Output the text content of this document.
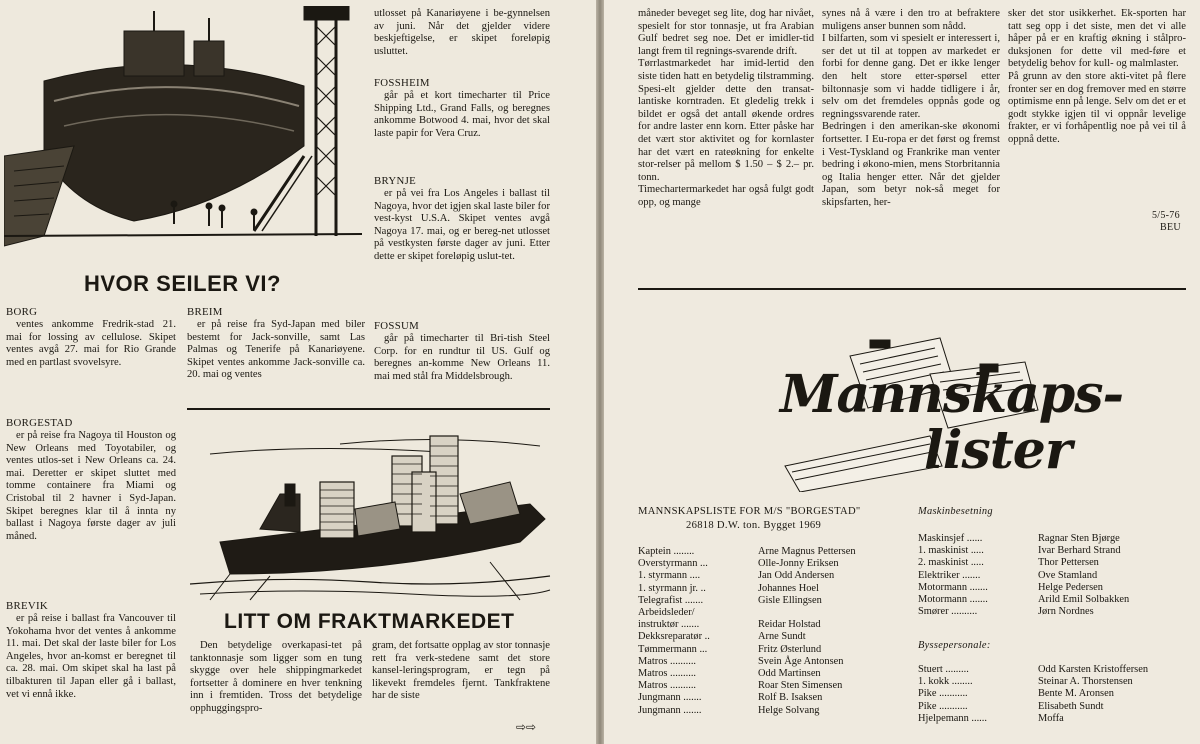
HVOR SEILER VI?
BORG

ventes ankomme Fredrik-stad 21. mai for lossing av cellulose. Skipet ventes avgå 27. mai for Rio Grande med en partlast svovelsyre.

BORGESTAD

er på reise fra Nagoya til Houston og New Orleans med Toyotabiler, og ventes utlos-set i New Orleans ca. 24. mai. Deretter er skipet sluttet med tomme containere fra Miami og Cristobal til 2 havner i Syd-Japan. Skipet beregnes klar til å innta ny ballast i Nagoya første dager av juli måned.

BREVIK

er på reise i ballast fra Vancouver til Yokohama hvor det ventes å ankomme 11. mai. Det skal der laste biler for Los Angeles, hvor an-komst er beregnet til ca. 28. mai. Om skipet skal ha last på tilbakturen til Japan eller gå i ballast, vet vi ennå ikke.

BREIM

er på reise fra Syd-Japan med biler bestemt for Jack-sonville, samt Las Palmas og Tenerife på Kanariøyene. Skipet ventes ankomme Jack-sonville ca. 20. mai og ventes

utlosset på Kanariøyene i be-gynnelsen av juni. Når det gjelder videre beskjeftigelse, er skipet foreløpig usluttet.

FOSSHEIM

går på et kort timecharter til Price Shipping Ltd., Grand Falls, og beregnes ankomme Botwood 4. mai, hvor det skal laste papir for Vera Cruz.

BRYNJE

er på vei fra Los Angeles i ballast til Nagoya, hvor det igjen skal laste biler for vest-kyst U.S.A. Skipet ventes avgå Nagoya 17. mai, og er bereg-net utlosset på vestkysten første dager av juni. Etter dette er skipet foreløpig uslut-tet.

FOSSUM

går på timecharter til Bri-tish Steel Corp. for en rundtur til US. Gulf og beregnes an-komme New Orleans 11. mai med stål fra Middelsbrough.

LITT OM FRAKTMARKEDET

Den betydelige overkapasi-tet på tanktonnasje som ligger som en tung skygge over hele shippingmarkedet fortsetter å dominere en hver tenkning inn i fremtiden. Tross det betydelige opphuggingspro-

gram, det fortsatte opplag av stor tonnasje rett fra verk-stedene samt det store kansel-leringsprogram, er tegn på likevekt fremdeles fjernt. Tankfraktene har de siste

⇨⇨

måneder beveget seg lite, dog har nivået, spesielt for stor tonnasje, ut fra Arabian Gulf bedret seg noe. Det er imidler-tid langt frem til regnings-svarende drift.
Tørrlastmarkedet har imid-lertid den siste tiden hatt en betydelig tilstramming. Spesi-elt gjelder dette den transat-lantiske korntraden. Et gledelig trekk i bildet er også det antall økende ordres for andre laster enn korn. Etter påske har det vært stor aktivitet og for kornlaster har det vært en rateøkning for enkelte stor-relser på mellom $ 1.50 – $ 2.– pr. tonn.
Timechartermarkedet har også fulgt godt opp, og mange

synes nå å være i den tro at befraktere muligens anser bunnen som nådd.
I bilfarten, som vi spesielt er interessert i, ser det ut til at toppen av markedet er forbi for denne gang. Det er ikke lenger den helt store etter-spørsel etter biltonnasje som vi hadde tidligere i år, selv om det fremdeles oppnås gode og regningssvarende rater.
Bedringen i den amerikan-ske økonomi fortsetter. I Eu-ropa er det først og fremst i Vest-Tyskland og Frankrike man venter bedring i økono-mien, mens Storbritannia og Italia henger etter. Når det gjelder Japan, som betyr nok-så meget for skipsfarten, her-

sker det stor usikkerhet. Ek-sporten har tatt seg opp i det siste, men det vi alle håper på er en kraftig økning i stålpro-duksjonen for dette vil med-føre et betydelig behov for kull- og malmlaster.
På grunn av den store akti-vitet på flere fronter ser en dog fremover med en større optimisme enn på lenge. Selv om det er et godt stykke igjen til vi oppnår levelige frakter, er vi forhåpentlig noe på vei til å oppnå dette.

5/5-76
BEU
Mannskaps-
lister
MANNSKAPSLISTE FOR M/S "BORGESTAD"
26818 D.W. ton. Bygget 1969
Maskinbesetning
Kaptein ........	Arne Magnus Pettersen
Overstyrmann ...	Olle-Jonny Eriksen
1. styrmann ....	Jan Odd Andersen
1. styrmann jr. ..	Johannes Hoel
Telegrafist .......	Gisle Ellingsen
Arbeidsleder/
instruktør .......	Reidar Holstad
Dekksreparatør ..	Arne Sundt
Tømmermann ...	Fritz Østerlund
Matros ..........	Svein Åge Antonsen
Matros ..........	Odd Martinsen
Matros ..........	Roar Sten Simensen
Jungmann .......	Rolf B. Isaksen
Jungmann .......	Helge Solvang
Maskinsjef ......	Ragnar Sten Bjørge
1. maskinist .....	Ivar Berhard Strand
2. maskinist .....	Thor Pettersen
Elektriker .......	Ove Stamland
Motormann .......	Helge Pedersen
Motormann .......	Arild Emil Solbakken
Smører ..........	Jørn Nordnes
Byssepersonale:
Stuert .........	Odd Karsten Kristoffersen
1. kokk ........	Steinar A. Thorstensen
Pike ...........	Bente M. Aronsen
Pike ...........	Elisabeth Sundt
Hjelpemann ......	Moffa
